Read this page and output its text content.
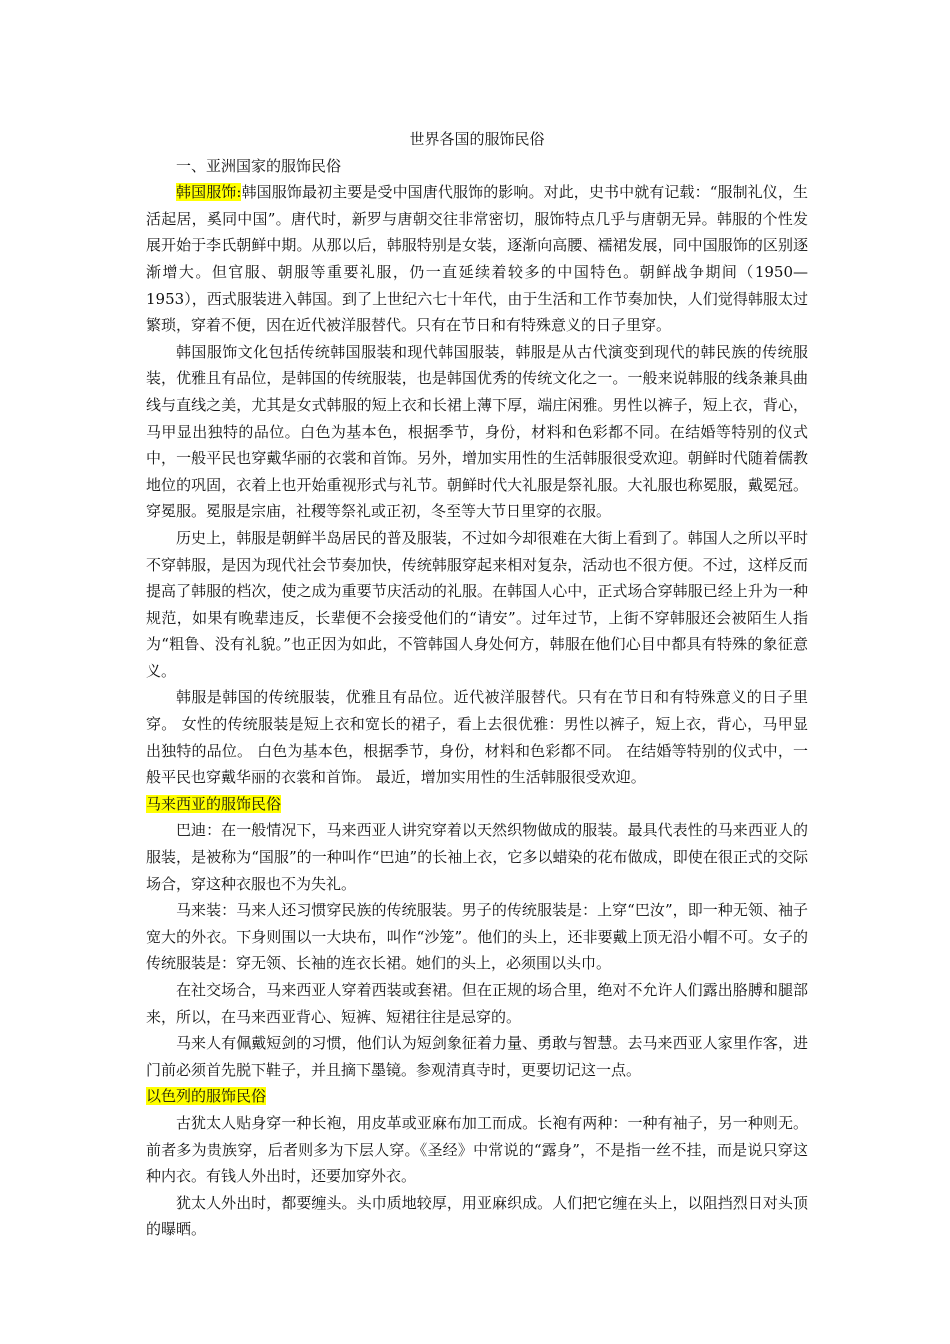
世界各国的服饰民俗

一、亚洲国家的服饰民俗

韩国服饰:韩国服饰最初主要是受中国唐代服饰的影响。对此，史书中就有记载：“服制礼仪，生活起居，奚同中国”。唐代时，新罗与唐朝交往非常密切，服饰特点几乎与唐朝无异。韩服的个性发展开始于李氏朝鲜中期。从那以后，韩服特别是女装，逐渐向高腰、襦裙发展，同中国服饰的区别逐渐增大。但官服、朝服等重要礼服，仍一直延续着较多的中国特色。朝鲜战争期间（1950—1953），西式服装进入韩国。到了上世纪六七十年代，由于生活和工作节奏加快，人们觉得韩服太过繁琐，穿着不便，因在近代被洋服替代。只有在节日和有特殊意义的日子里穿。

韩国服饰文化包括传统韩国服装和现代韩国服装，韩服是从古代演变到现代的韩民族的传统服装，优雅且有品位，是韩国的传统服装，也是韩国优秀的传统文化之一。一般来说韩服的线条兼具曲线与直线之美，尤其是女式韩服的短上衣和长裙上薄下厚，端庄闲雅。男性以裤子，短上衣，背心，马甲显出独特的品位。白色为基本色，根据季节，身份，材料和色彩都不同。在结婚等特别的仪式中，一般平民也穿戴华丽的衣裳和首饰。另外，增加实用性的生活韩服很受欢迎。朝鲜时代随着儒教地位的巩固，衣着上也开始重视形式与礼节。朝鲜时代大礼服是祭礼服。大礼服也称冕服，戴冕冠。穿冕服。冕服是宗庙，社稷等祭礼或正初，冬至等大节日里穿的衣服。

历史上，韩服是朝鲜半岛居民的普及服装，不过如今却很难在大街上看到了。韩国人之所以平时不穿韩服，是因为现代社会节奏加快，传统韩服穿起来相对复杂，活动也不很方便。不过，这样反而提高了韩服的档次，使之成为重要节庆活动的礼服。在韩国人心中，正式场合穿韩服已经上升为一种规范，如果有晚辈违反，长辈便不会接受他们的“请安”。过年过节，上街不穿韩服还会被陌生人指为“粗鲁、没有礼貌。”也正因为如此，不管韩国人身处何方，韩服在他们心目中都具有特殊的象征意义。

韩服是韩国的传统服装，优雅且有品位。近代被洋服替代。只有在节日和有特殊意义的日子里穿。 女性的传统服装是短上衣和宽长的裙子，看上去很优雅：男性以裤子，短上衣，背心，马甲显出独特的品位。 白色为基本色，根据季节，身份，材料和色彩都不同。 在结婚等特别的仪式中，一般平民也穿戴华丽的衣裳和首饰。 最近，增加实用性的生活韩服很受欢迎。

马来西亚的服饰民俗

巴迪：在一般情况下，马来西亚人讲究穿着以天然织物做成的服装。最具代表性的马来西亚人的服装，是被称为“国服”的一种叫作“巴迪”的长袖上衣，它多以蜡染的花布做成，即使在很正式的交际场合，穿这种衣服也不为失礼。

马来装：马来人还习惯穿民族的传统服装。男子的传统服装是：上穿“巴汝”，即一种无领、袖子宽大的外衣。下身则围以一大块布，叫作“沙笼”。他们的头上，还非要戴上顶无沿小帽不可。女子的传统服装是：穿无领、长袖的连衣长裙。她们的头上，必须围以头巾。

在社交场合，马来西亚人穿着西装或套裙。但在正规的场合里，绝对不允许人们露出胳膊和腿部来，所以，在马来西亚背心、短裤、短裙往往是忌穿的。

马来人有佩戴短剑的习惯，他们认为短剑象征着力量、勇敢与智慧。去马来西亚人家里作客，进门前必须首先脱下鞋子，并且摘下墨镜。参观清真寺时，更要切记这一点。

以色列的服饰民俗

古犹太人贴身穿一种长袍，用皮革或亚麻布加工而成。长袍有两种：一种有袖子，另一种则无。前者多为贵族穿，后者则多为下层人穿。《圣经》中常说的“露身”，不是指一丝不挂，而是说只穿这种内衣。有钱人外出时，还要加穿外衣。

犹太人外出时，都要缠头。头巾质地较厚，用亚麻织成。人们把它缠在头上，以阻挡烈日对头顶的曝晒。
